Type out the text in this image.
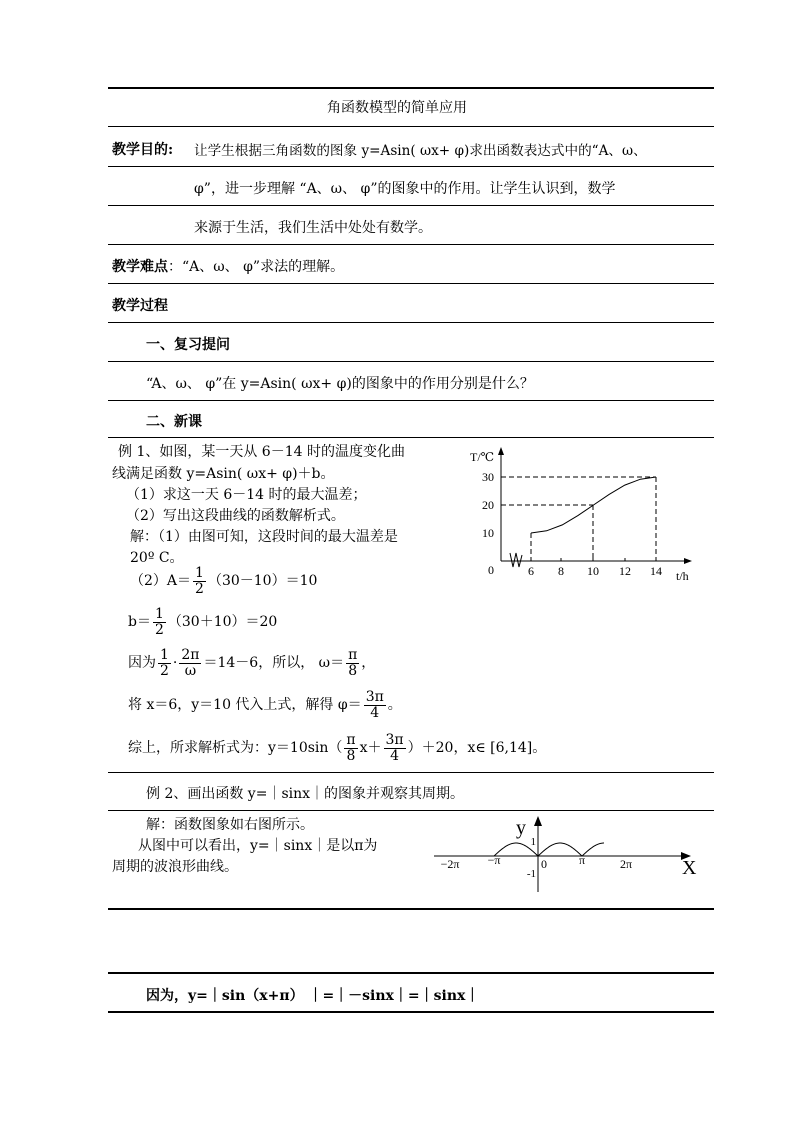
角函数模型的简单应用
教学目的: 让学生根据三角函数的图象 y=Asin( ωx+ φ)求出函数表达式中的“A、ω、
φ”，进一步理解 “A、ω、 φ”的图象中的作用。让学生认识到，数学
来源于生活，我们生活中处处有数学。
教学难点：“A、ω、 φ”求法的理解。
教学过程
一、复习提问
“A、ω、 φ”在 y=Asin( ωx+ φ)的图象中的作用分别是什么？
二、新课
例 1、如图，某一天从 6－14 时的温度变化曲
线满足函数 y=Asin( ωx+ φ)＋b。
（1）求这一天 6－14 时的最大温差；
（2）写出这段曲线的函数解析式。
解：（1）由图可知，这段时间的最大温差是
20º C。
$(2)A= \frac{1}{2} (30-10)=10$
$b= \frac{1}{2} (30+10)=20$
因为 $\frac{1}{2} \cdot \frac{2\pi}{\omega} =14-6$，所以， $\omega= \frac{\pi}{8}$ ，
将 x＝6，y＝10 代入上式，解得 $\varphi= \frac{3\pi}{4}$ 。
综上，所求解析式为：$y=10\sin( \frac{\pi}{8} x+ \frac{3\pi}{4} )+20$，x∈ [6,14]。
T/℃
t/h
0	6 8 10 12 14
10
20
30
例 2、画出函数 y=｜sinx｜的图象并观察其周期。
解：函数图象如右图所示。
从图中可以看出，y=｜sinx｜是以π为
周期的波浪形曲线。
y
X
−2π −π	0	π	2π
1
-1
因为，y=｜sin（x+π） ｜=｜－sinx｜=｜sinx｜
